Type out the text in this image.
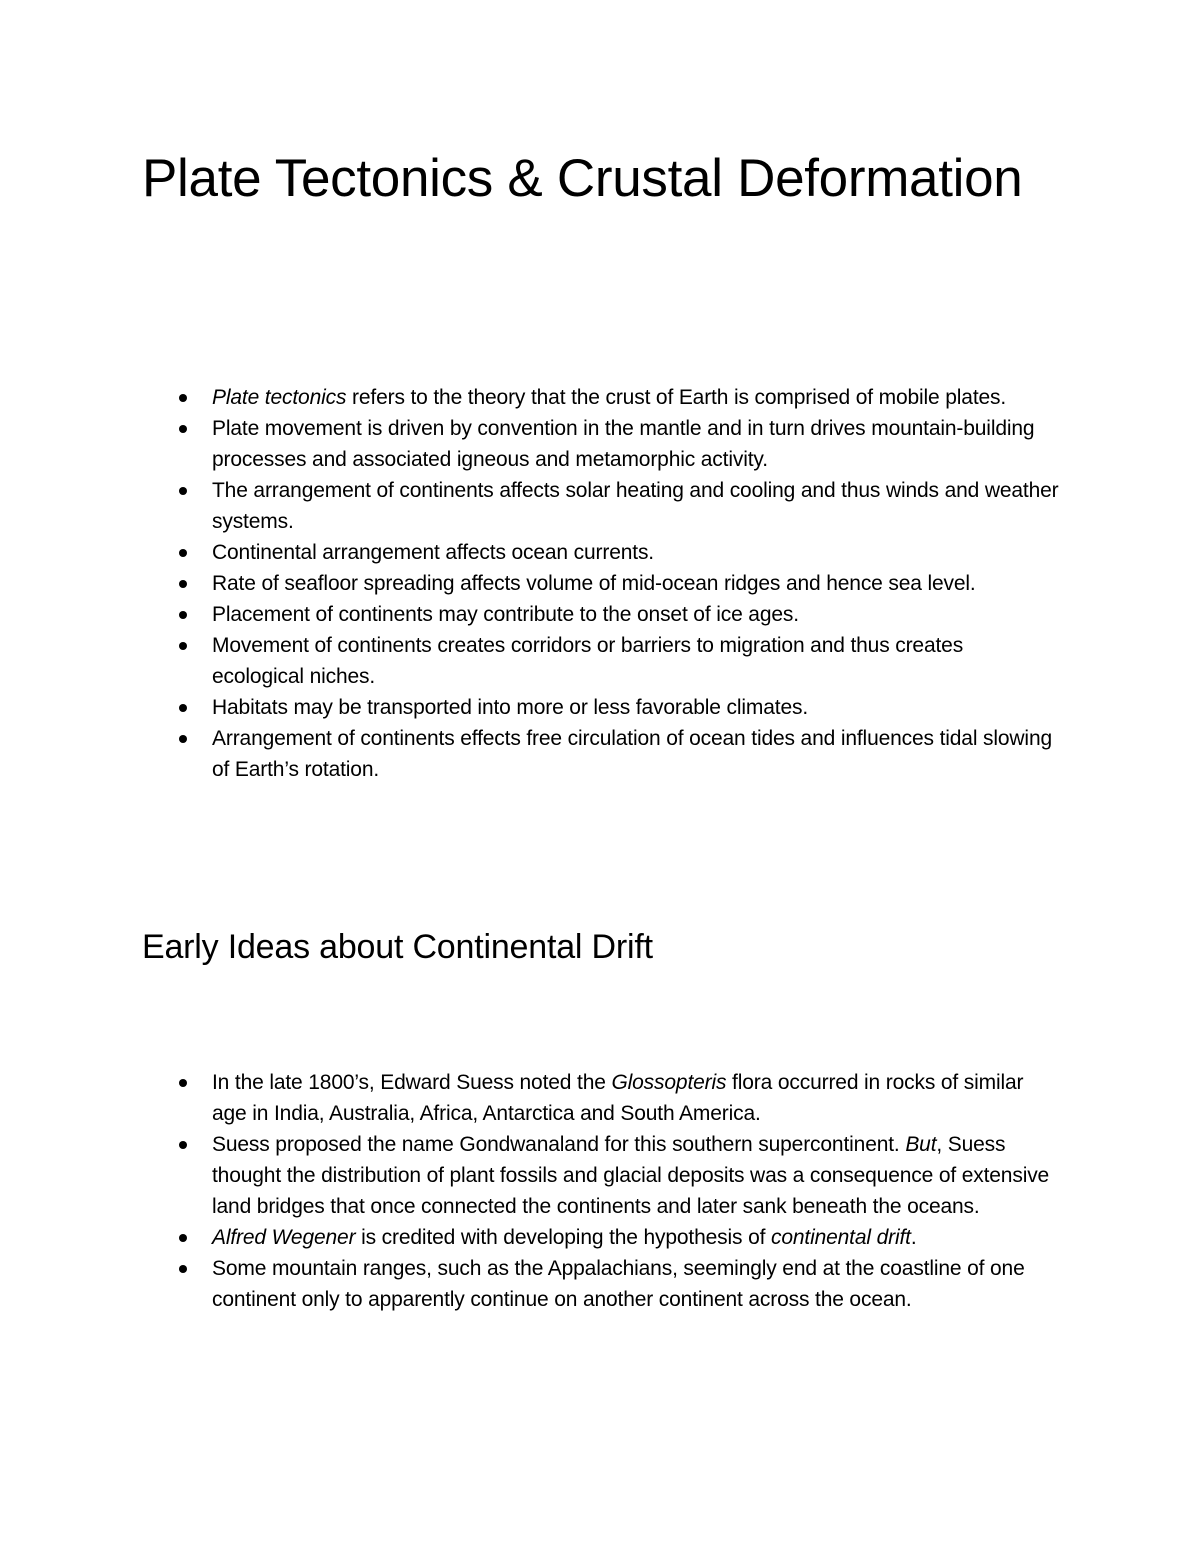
Plate Tectonics & Crustal Deformation
Plate tectonics refers to the theory that the crust of Earth is comprised of mobile plates.
Plate movement is driven by convention in the mantle and in turn drives mountain-building processes and associated igneous and metamorphic activity.
The arrangement of continents affects solar heating and cooling and thus winds and weather systems.
Continental arrangement affects ocean currents.
Rate of seafloor spreading affects volume of mid-ocean ridges and hence sea level.
Placement of continents may contribute to the onset of ice ages.
Movement of continents creates corridors or barriers to migration and thus creates ecological niches.
Habitats may be transported into more or less favorable climates.
Arrangement of continents effects free circulation of ocean tides and influences tidal slowing of Earth’s rotation.
Early Ideas about Continental Drift
In the late 1800’s, Edward Suess noted the Glossopteris flora occurred in rocks of similar age in India, Australia, Africa, Antarctica and South America.
Suess proposed the name Gondwanaland for this southern supercontinent. But, Suess thought the distribution of plant fossils and glacial deposits was a consequence of extensive land bridges that once connected the continents and later sank beneath the oceans.
Alfred Wegener is credited with developing the hypothesis of continental drift.
Some mountain ranges, such as the Appalachians, seemingly end at the coastline of one continent only to apparently continue on another continent across the ocean.
